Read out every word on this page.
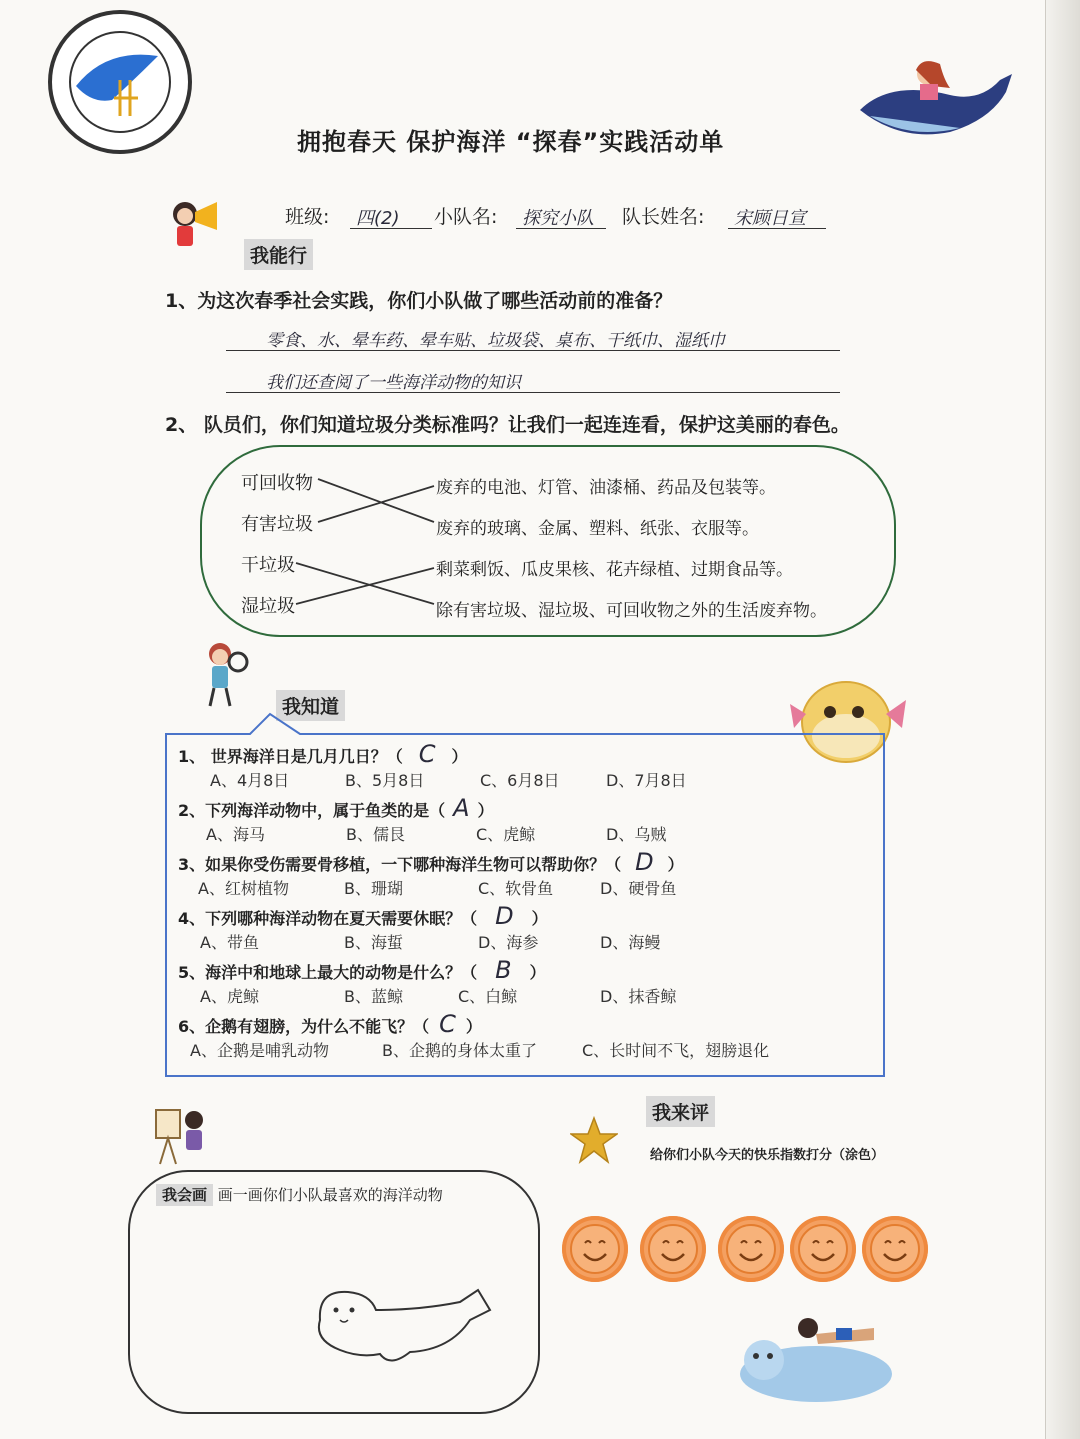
拥抱春天 保护海洋 “探春”实践活动单
班级: 四(2) 小队名: 探究小队 队长姓名: 宋顾日宣
我能行
1、为这次春季社会实践，你们小队做了哪些活动前的准备？
零食、水、晕车药、晕车贴、垃圾袋、桌布、干纸巾、湿纸巾
我们还查阅了一些海洋动物的知识
2、 队员们，你们知道垃圾分类标准吗？让我们一起连连看，保护这美丽的春色。
可回收物
有害垃圾
干垃圾
湿垃圾
废弃的电池、灯管、油漆桶、药品及包装等。
废弃的玻璃、金属、塑料、纸张、衣服等。
剩菜剩饭、瓜皮果核、花卉绿植、过期食品等。
除有害垃圾、湿垃圾、可回收物之外的生活废弃物。
我知道
1、 世界海洋日是几月几日？（ C ）
A、4月8日	B、5月8日	C、6月8日	D、7月8日
2、下列海洋动物中，属于鱼类的是（ A ）
A、海马	B、儒艮	C、虎鲸	D、乌贼
3、如果你受伤需要骨移植，一下哪种海洋生物可以帮助你？（ D ）
A、红树植物	B、珊瑚	C、软骨鱼	D、硬骨鱼
4、下列哪种海洋动物在夏天需要休眠？（ D ）
A、带鱼	B、海蜇	D、海参	D、海鳗
5、海洋中和地球上最大的动物是什么？（ B ）
A、虎鲸	B、蓝鲸	C、白鲸	D、抹香鲸
6、企鹅有翅膀，为什么不能飞？（ C ）
A、企鹅是哺乳动物	B、企鹅的身体太重了	C、长时间不飞，翅膀退化
我会画 画一画你们小队最喜欢的海洋动物
我来评
给你们小队今天的快乐指数打分（涂色）
